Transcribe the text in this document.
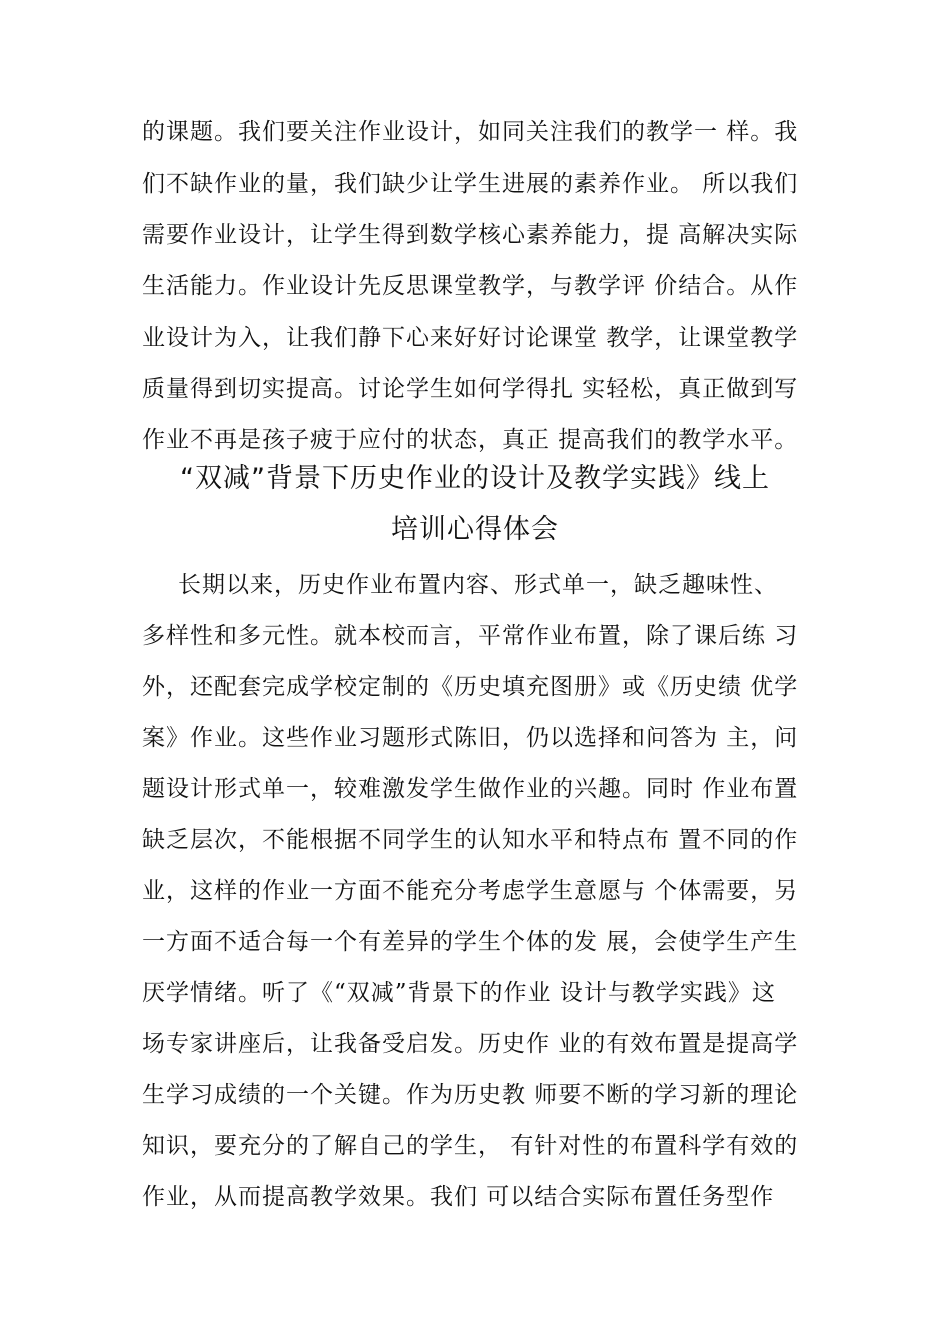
的课题。我们要关注作业设计，如同关注我们的教学一 样。我
们不缺作业的量，我们缺少让学生进展的素养作业。 所以我们
需要作业设计，让学生得到数学核心素养能力，提 高解决实际
生活能力。作业设计先反思课堂教学，与教学评 价结合。从作
业设计为入，让我们静下心来好好讨论课堂 教学，让课堂教学
质量得到切实提高。讨论学生如何学得扎 实轻松，真正做到写
作业不再是孩子疲于应付的状态，真正 提高我们的教学水平。
“双减”背景下历史作业的设计及教学实践》线上
培训心得体会
长期以来，历史作业布置内容、形式单一，缺乏趣味性、
多样性和多元性。就本校而言，平常作业布置，除了课后练 习
外，还配套完成学校定制的《历史填充图册》或《历史绩 优学
案》作业。这些作业习题形式陈旧，仍以选择和问答为 主，问
题设计形式单一，较难激发学生做作业的兴趣。同时 作业布置
缺乏层次，不能根据不同学生的认知水平和特点布 置不同的作
业，这样的作业一方面不能充分考虑学生意愿与 个体需要，另
一方面不适合每一个有差异的学生个体的发 展，会使学生产生
厌学情绪。听了《“双减”背景下的作业 设计与教学实践》这
场专家讲座后，让我备受启发。历史作 业的有效布置是提高学
生学习成绩的一个关键。作为历史教 师要不断的学习新的理论
知识，要充分的了解自己的学生， 有针对性的布置科学有效的
作业，从而提高教学效果。我们 可以结合实际布置任务型作
